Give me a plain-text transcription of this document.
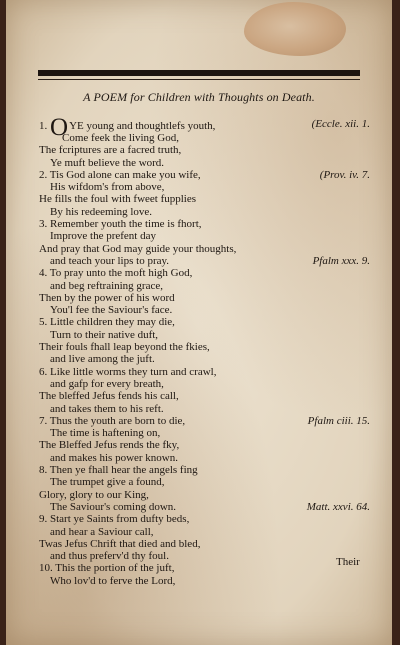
A POEM for Children with Thoughts on Death.
1. OYE young and thoughtlefs youth,	(Eccle. xii. 1.
Come feek the living God,
The fcriptures are a facred truth,
Ye muft believe the word.
2. Tis God alone can make you wife,	(Prov. iv. 7.
His wifdom's from above,
He fills the foul with fweet fupplies
By his redeeming love.
3. Remember youth the time is fhort,
Improve the prefent day
And pray that God may guide your thoughts,
and teach your lips to pray.	Pfalm xxx. 9.
4. To pray unto the moft high God,
and beg reftraining grace,
Then by the power of his word
You'l fee the Saviour's face.
5. Little children they may die,
Turn to their native duft,
Their fouls fhall leap beyond the fkies,
and live among the juft.
6. Like little worms they turn and crawl,
and gafp for every breath,
The bleffed Jefus fends his call,
and takes them to his reft.
7. Thus the youth are born to die,	Pfalm ciii. 15.
The time is haftening on,
The Bleffed Jefus rends the fky,
and makes his power known.
8. Then ye fhall hear the angels fing
The trumpet give a found,
Glory, glory to our King,
The Saviour's coming down.	Matt. xxvi. 64.
9. Start ye Saints from dufty beds,
and hear a Saviour call,
Twas Jefus Chrift that died and bled,
and thus preferv'd thy foul.
10. This the portion of the juft,
Who lov'd to ferve the Lord,
Their
